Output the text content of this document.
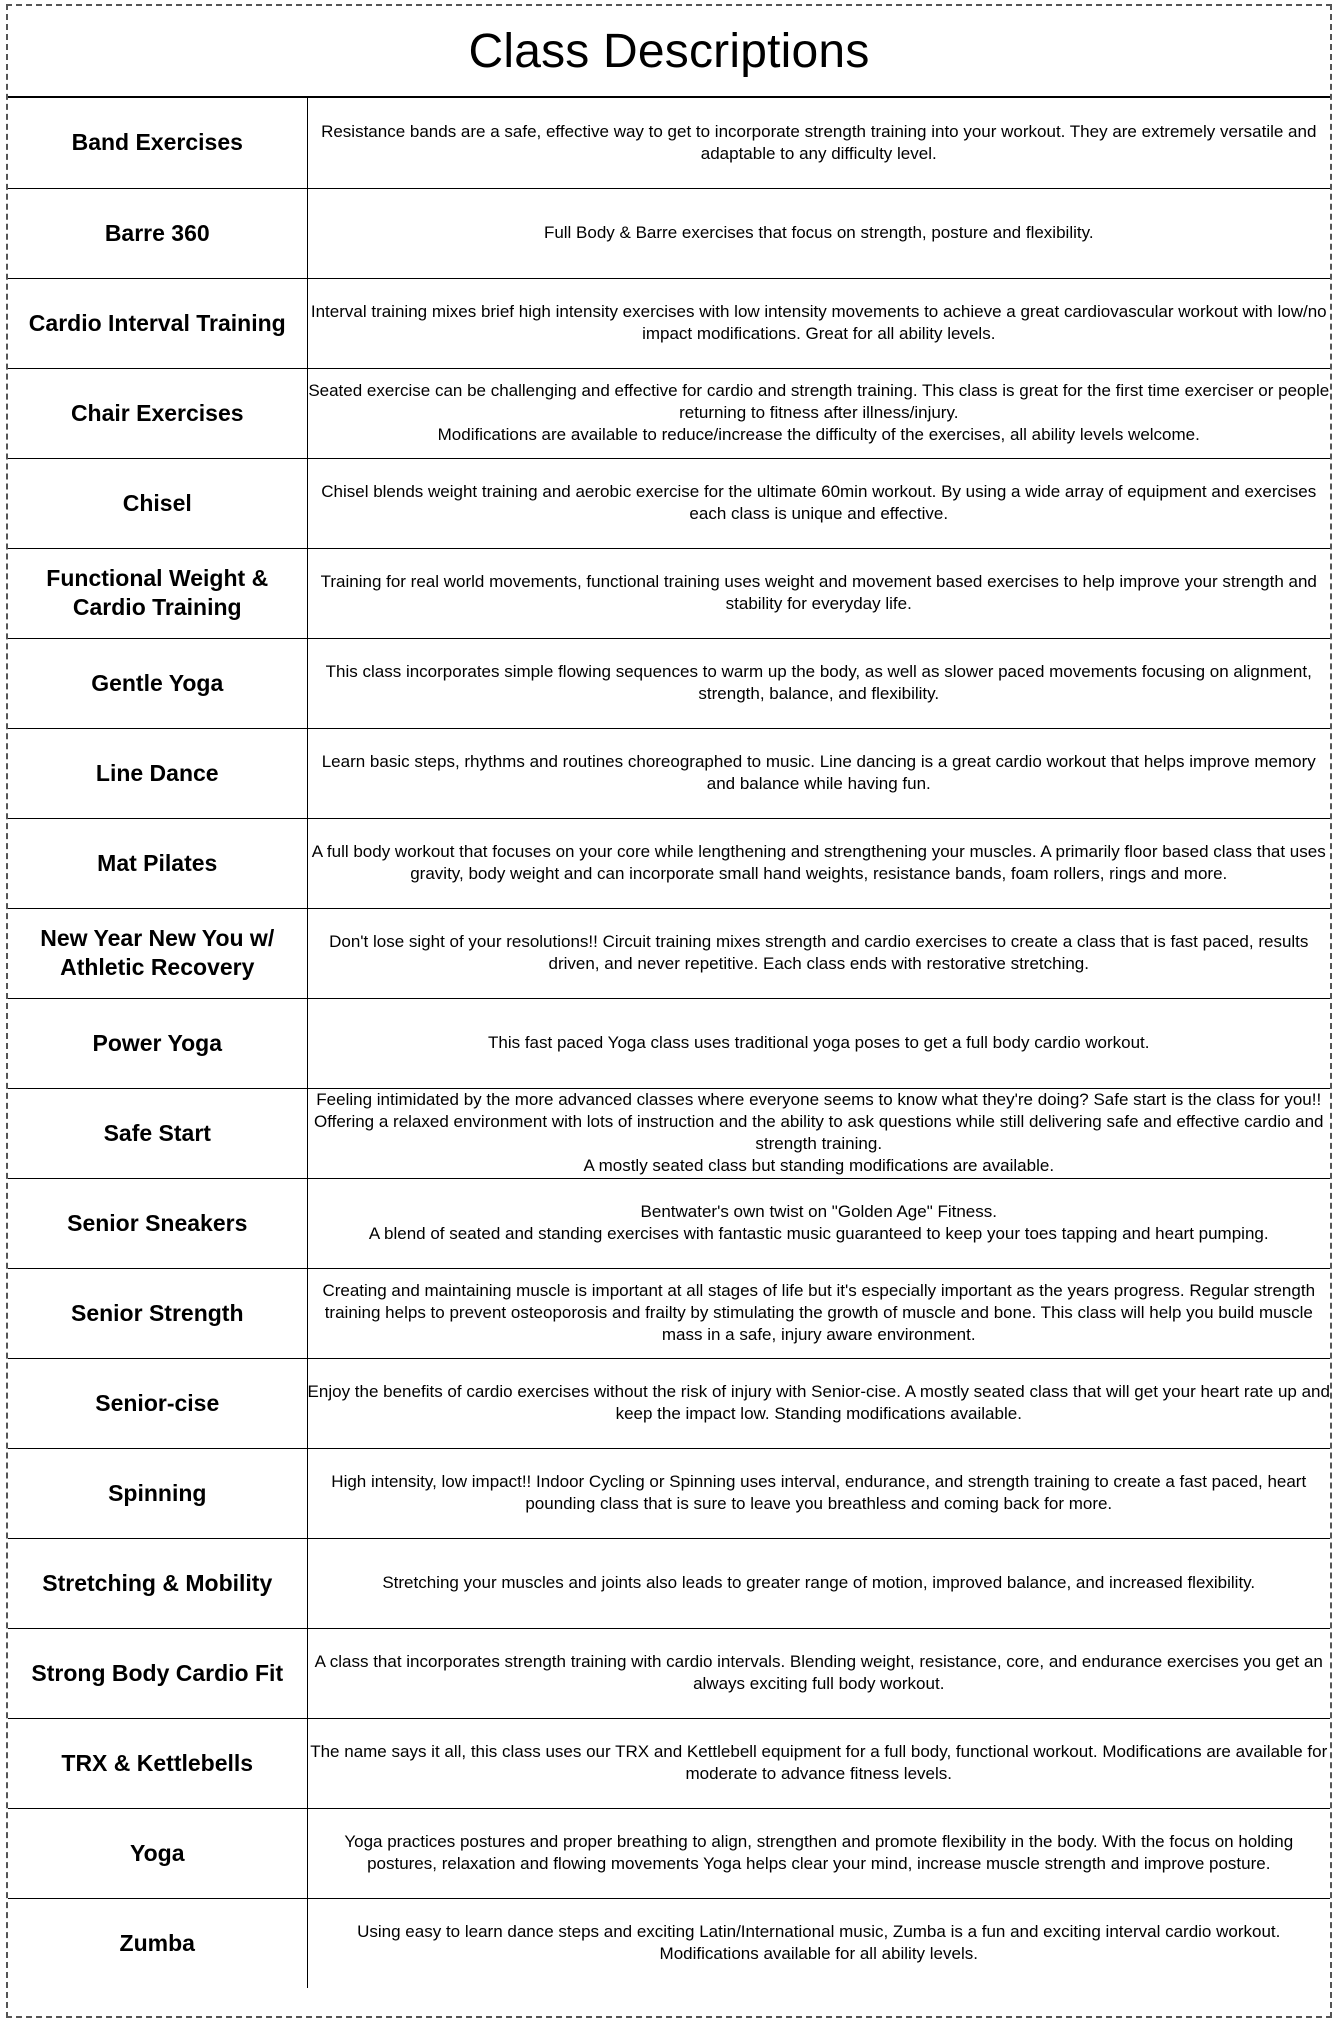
Class Descriptions
Band Exercises	Resistance bands are a safe, effective way to get to incorporate strength training into your workout. They are extremely versatile and adaptable to any difficulty level.
Barre 360	Full Body & Barre exercises that focus on strength, posture and flexibility.
Cardio Interval Training	Interval training mixes brief high intensity exercises with low intensity movements to achieve a great cardiovascular workout with low/no impact modifications. Great for all ability levels.
Chair Exercises	Seated exercise can be challenging and effective for cardio and strength training. This class is great for the first time exerciser or people returning to fitness after illness/injury.
Modifications are available to reduce/increase the difficulty of the exercises, all ability levels welcome.
Chisel	Chisel blends weight training and aerobic exercise for the ultimate 60min workout. By using a wide array of equipment and exercises each class is unique and effective.
Functional Weight & Cardio Training	Training for real world movements, functional training uses weight and movement based exercises to help improve your strength and stability for everyday life.
Gentle Yoga	This class incorporates simple flowing sequences to warm up the body, as well as slower paced movements focusing on alignment, strength, balance, and flexibility.
Line Dance	Learn basic steps, rhythms and routines choreographed to music. Line dancing is a great cardio workout that helps improve memory and balance while having fun.
Mat Pilates	A full body workout that focuses on your core while lengthening and strengthening your muscles. A primarily floor based class that uses gravity, body weight and can incorporate small hand weights, resistance bands, foam rollers, rings and more.
New Year New You w/ Athletic Recovery	Don't lose sight of your resolutions!! Circuit training mixes strength and cardio exercises to create a class that is fast paced, results driven, and never repetitive. Each class ends with restorative stretching.
Power Yoga	This fast paced Yoga class uses traditional yoga poses to get a full body cardio workout.
Safe Start	Feeling intimidated by the more advanced classes where everyone seems to know what they're doing? Safe start is the class for you!! Offering a relaxed environment with lots of instruction and the ability to ask questions while still delivering safe and effective cardio and strength training.
A mostly seated class but standing modifications are available.
Senior Sneakers	Bentwater's own twist on "Golden Age" Fitness.
A blend of seated and standing exercises with fantastic music guaranteed to keep your toes tapping and heart pumping.
Senior Strength	Creating and maintaining muscle is important at all stages of life but it's especially important as the years progress. Regular strength training helps to prevent osteoporosis and frailty by stimulating the growth of muscle and bone. This class will help you build muscle mass in a safe, injury aware environment.
Senior-cise	Enjoy the benefits of cardio exercises without the risk of injury with Senior-cise. A mostly seated class that will get your heart rate up and keep the impact low. Standing modifications available.
Spinning	High intensity, low impact!! Indoor Cycling or Spinning uses interval, endurance, and strength training to create a fast paced, heart pounding class that is sure to leave you breathless and coming back for more.
Stretching & Mobility	Stretching your muscles and joints also leads to greater range of motion, improved balance, and increased flexibility.
Strong Body Cardio Fit	A class that incorporates strength training with cardio intervals. Blending weight, resistance, core, and endurance exercises you get an always exciting full body workout.
TRX & Kettlebells	The name says it all, this class uses our TRX and Kettlebell equipment for a full body, functional workout. Modifications are available for moderate to advance fitness levels.
Yoga	Yoga practices postures and proper breathing to align, strengthen and promote flexibility in the body. With the focus on holding postures, relaxation and flowing movements Yoga helps clear your mind, increase muscle strength and improve posture.
Zumba	Using easy to learn dance steps and exciting Latin/International music, Zumba is a fun and exciting interval cardio workout. Modifications available for all ability levels.
